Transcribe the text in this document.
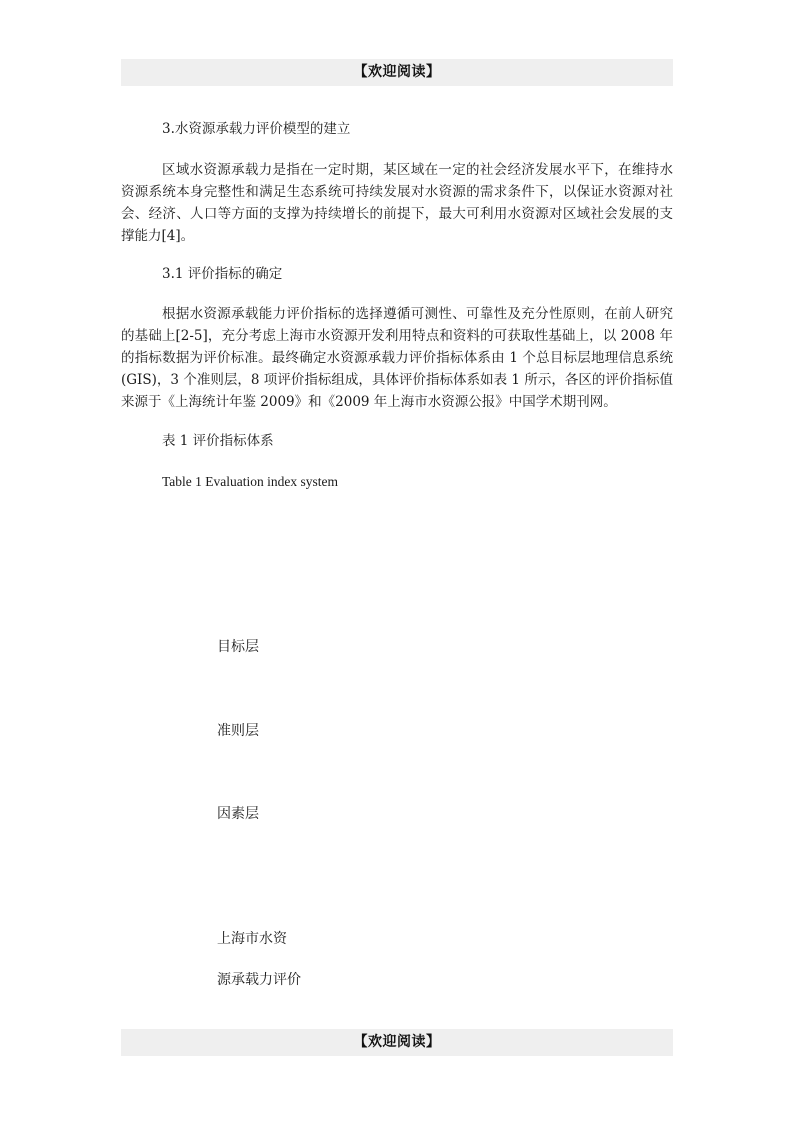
【欢迎阅读】
3.水资源承载力评价模型的建立
区域水资源承载力是指在一定时期，某区域在一定的社会经济发展水平下，在维持水资源系统本身完整性和满足生态系统可持续发展对水资源的需求条件下，以保证水资源对社会、经济、人口等方面的支撑为持续增长的前提下，最大可利用水资源对区域社会发展的支撑能力[4]。
3.1 评价指标的确定
根据水资源承载能力评价指标的选择遵循可测性、可靠性及充分性原则，在前人研究的基础上[2-5]，充分考虑上海市水资源开发利用特点和资料的可获取性基础上，以 2008 年的指标数据为评价标准。最终确定水资源承载力评价指标体系由 1 个总目标层地理信息系统(GIS)，3 个准则层，8 项评价指标组成，具体评价指标体系如表 1 所示，各区的评价指标值来源于《上海统计年鉴 2009》和《2009 年上海市水资源公报》中国学术期刊网。
表 1 评价指标体系
Table 1 Evaluation index system
目标层
准则层
因素层
上海市水资
源承载力评价
【欢迎阅读】
